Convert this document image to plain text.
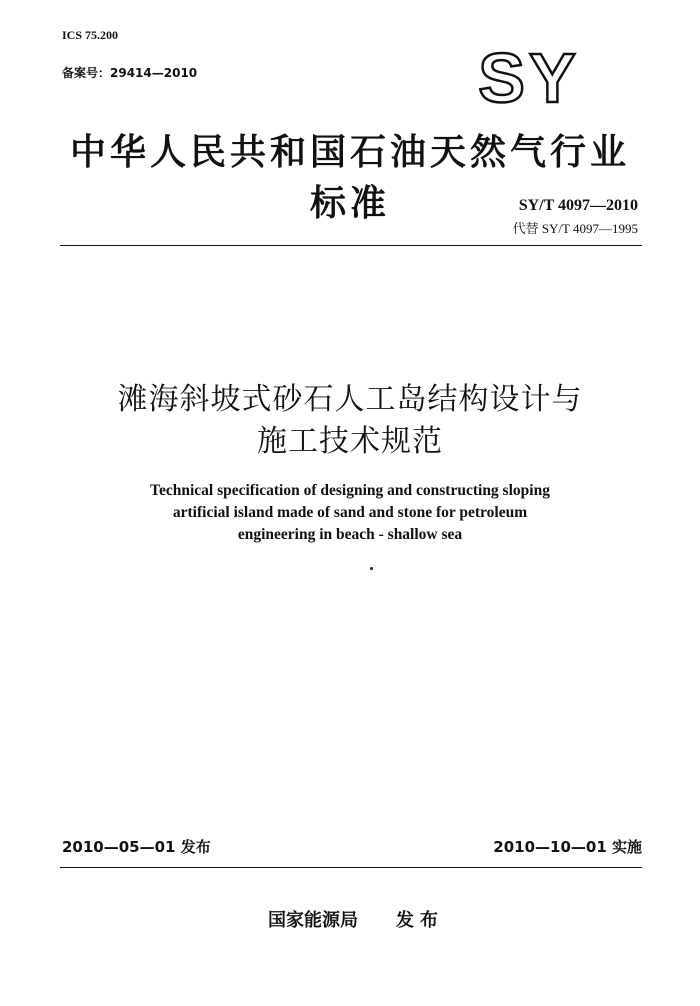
ICS 75.200
备案号：29414—2010	SY
中华人民共和国石油天然气行业标准	SY/T 4097—2010
代替 SY/T 4097—1995
滩海斜坡式砂石人工岛结构设计与
施工技术规范
Technical specification of designing and constructing sloping
artificial island made of sand and stone for petroleum
engineering in beach - shallow sea
2010—05—01 发布	2010—10—01 实施
国家能源局 发布
